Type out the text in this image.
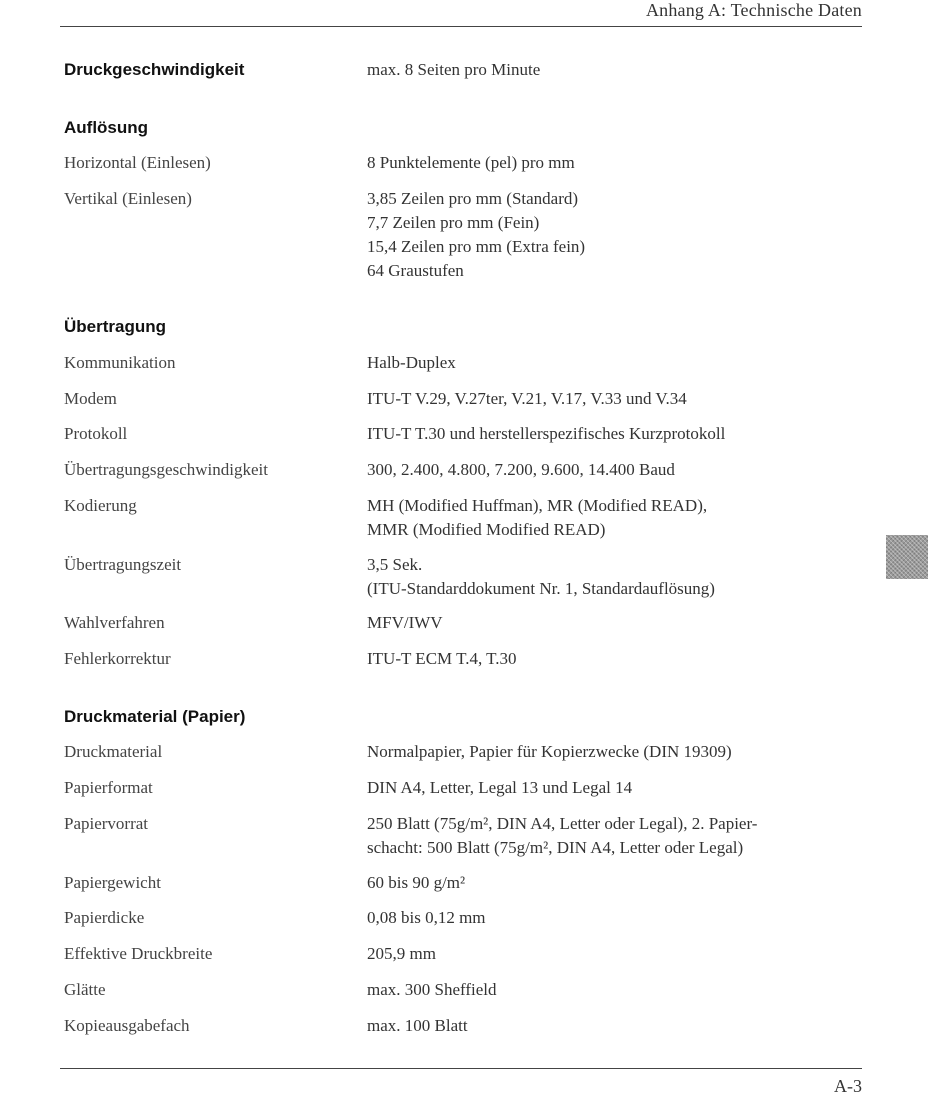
Anhang A: Technische Daten
Druckgeschwindigkeit	max. 8 Seiten pro Minute
Auflösung
Horizontal (Einlesen)	8 Punktelemente (pel) pro mm
Vertikal (Einlesen)	3,85 Zeilen pro mm (Standard)
7,7 Zeilen pro mm (Fein)
15,4 Zeilen pro mm (Extra fein)
64 Graustufen
Übertragung
Kommunikation	Halb-Duplex
Modem	ITU-T V.29, V.27ter, V.21, V.17, V.33 und V.34
Protokoll	ITU-T T.30 und herstellerspezifisches Kurzprotokoll
Übertragungsgeschwindigkeit	300, 2.400, 4.800, 7.200, 9.600, 14.400 Baud
Kodierung	MH (Modified Huffman), MR (Modified READ),
MMR (Modified Modified READ)
Übertragungszeit	3,5 Sek.
(ITU-Standarddokument Nr. 1, Standardauflösung)
Wahlverfahren	MFV/IWV
Fehlerkorrektur	ITU-T ECM T.4, T.30
Druckmaterial (Papier)
Druckmaterial	Normalpapier, Papier für Kopierzwecke (DIN 19309)
Papierformat	DIN A4, Letter, Legal 13 und Legal 14
Papiervorrat	250 Blatt (75g/m², DIN A4, Letter oder Legal), 2. Papier-
schacht: 500 Blatt (75g/m², DIN A4, Letter oder Legal)
Papiergewicht	60 bis 90 g/m²
Papierdicke	0,08 bis 0,12 mm
Effektive Druckbreite	205,9 mm
Glätte	max. 300 Sheffield
Kopieausgabefach	max. 100 Blatt
A-3
